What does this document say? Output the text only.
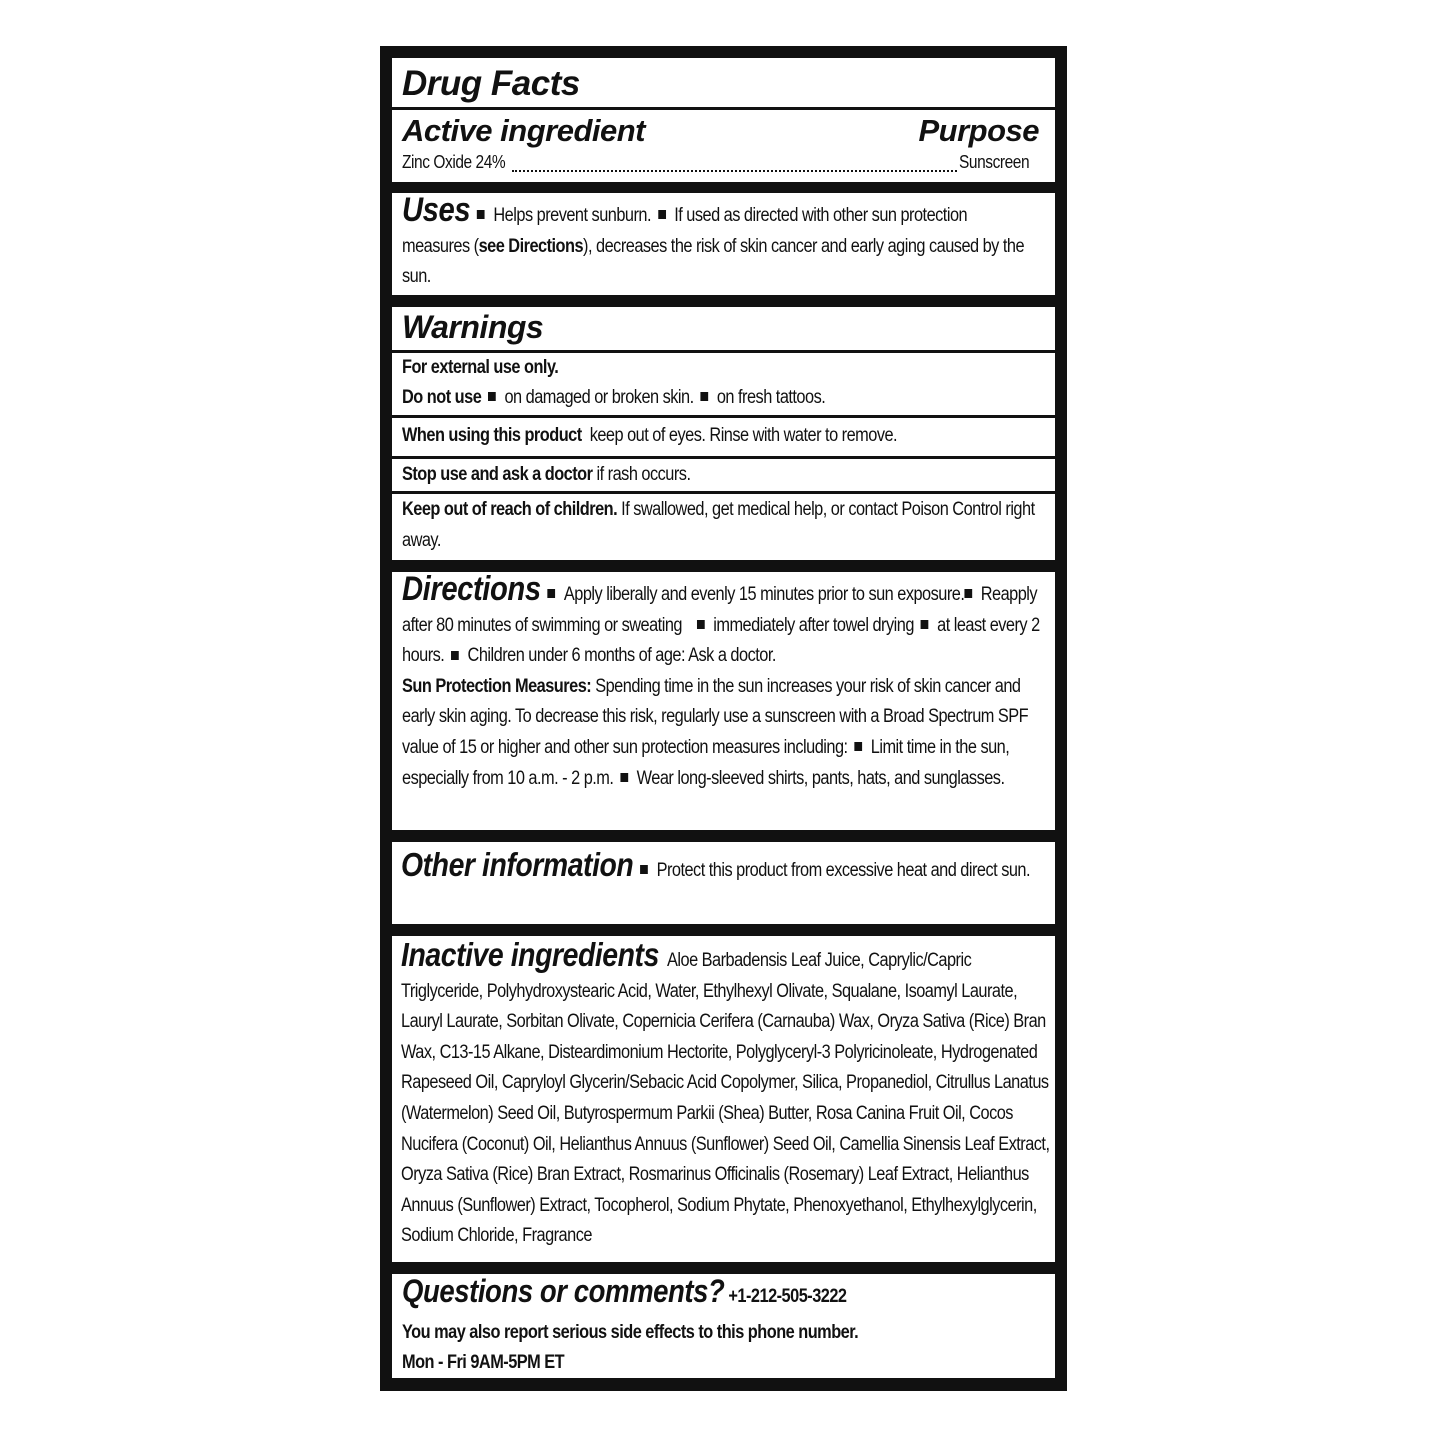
Drug Facts
Active ingredient	Purpose
Zinc Oxide 24%	Sunscreen
Uses Helps prevent sunburn. If used as directed with other sun protection measures (see Directions), decreases the risk of skin cancer and early aging caused by the sun.
Warnings
For external use only.
Do not use on damaged or broken skin. on fresh tattoos.
When using this product keep out of eyes. Rinse with water to remove.
Stop use and ask a doctor if rash occurs.
Keep out of reach of children. If swallowed, get medical help, or contact Poison Control right away.
Directions Apply liberally and evenly 15 minutes prior to sun exposure. Reapply after 80 minutes of swimming or sweating immediately after towel drying at least every 2 hours. Children under 6 months of age: Ask a doctor.
Sun Protection Measures: Spending time in the sun increases your risk of skin cancer and early skin aging. To decrease this risk, regularly use a sunscreen with a Broad Spectrum SPF value of 15 or higher and other sun protection measures including: Limit time in the sun, especially from 10 a.m. - 2 p.m. Wear long-sleeved shirts, pants, hats, and sunglasses.
Other information Protect this product from excessive heat and direct sun.
Inactive ingredients Aloe Barbadensis Leaf Juice, Caprylic/Capric Triglyceride, Polyhydroxystearic Acid, Water, Ethylhexyl Olivate, Squalane, Isoamyl Laurate, Lauryl Laurate, Sorbitan Olivate, Copernicia Cerifera (Carnauba) Wax, Oryza Sativa (Rice) Bran Wax, C13-15 Alkane, Disteardimonium Hectorite, Polyglyceryl-3 Polyricinoleate, Hydrogenated Rapeseed Oil, Capryloyl Glycerin/Sebacic Acid Copolymer, Silica, Propanediol, Citrullus Lanatus (Watermelon) Seed Oil, Butyrospermum Parkii (Shea) Butter, Rosa Canina Fruit Oil, Cocos Nucifera (Coconut) Oil, Helianthus Annuus (Sunflower) Seed Oil, Camellia Sinensis Leaf Extract, Oryza Sativa (Rice) Bran Extract, Rosmarinus Officinalis (Rosemary) Leaf Extract, Helianthus Annuus (Sunflower) Extract, Tocopherol, Sodium Phytate, Phenoxyethanol, Ethylhexylglycerin, Sodium Chloride, Fragrance
Questions or comments? +1-212-505-3222
You may also report serious side effects to this phone number.
Mon - Fri 9AM-5PM ET
